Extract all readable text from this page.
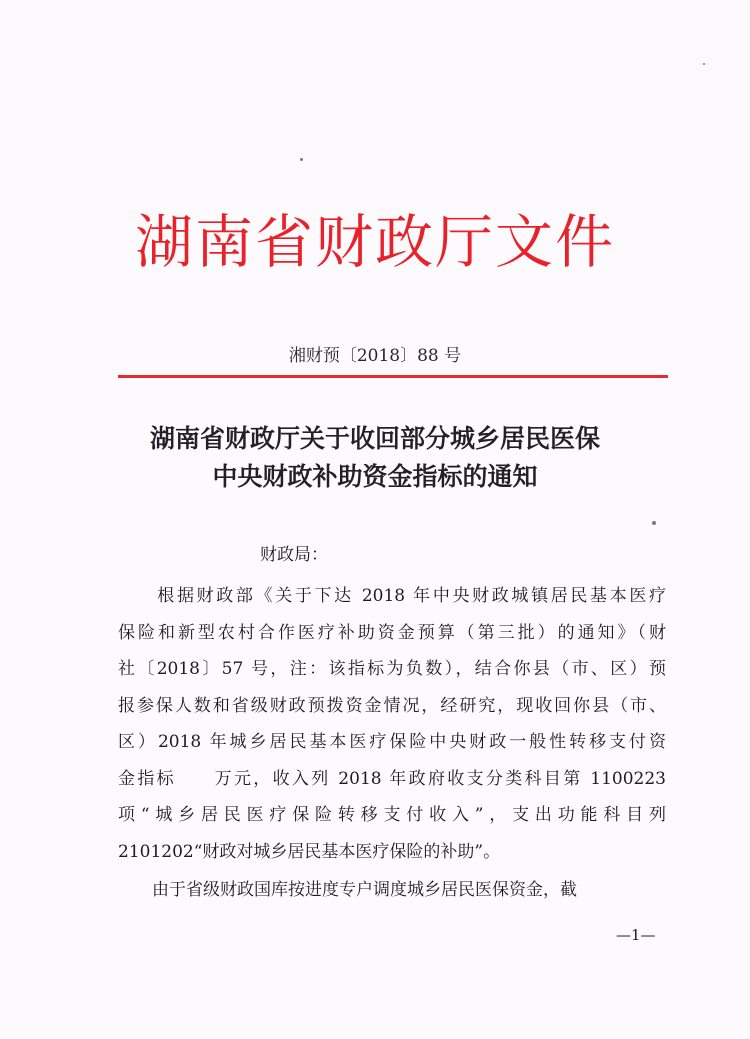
湖南省财政厅文件
湘财预〔2018〕88 号
湖南省财政厅关于收回部分城乡居民医保
中央财政补助资金指标的通知
财政局：
　　根据财政部《关于下达 2018 年中央财政城镇居民基本医疗
保险和新型农村合作医疗补助资金预算（第三批）的通知》（财
社〔2018〕57 号，注：该指标为负数），结合你县（市、区）预
报参保人数和省级财政预拨资金情况，经研究，现收回你县（市、
区）2018 年城乡居民基本医疗保险中央财政一般性转移支付资
金指标　　万元，收入列 2018 年政府收支分类科目第 1100223
项“城乡居民医疗保险转移支付收入”，支出功能科目列
2101202“财政对城乡居民基本医疗保险的补助”。
　　由于省级财政国库按进度专户调度城乡居民医保资金，截
—1—
